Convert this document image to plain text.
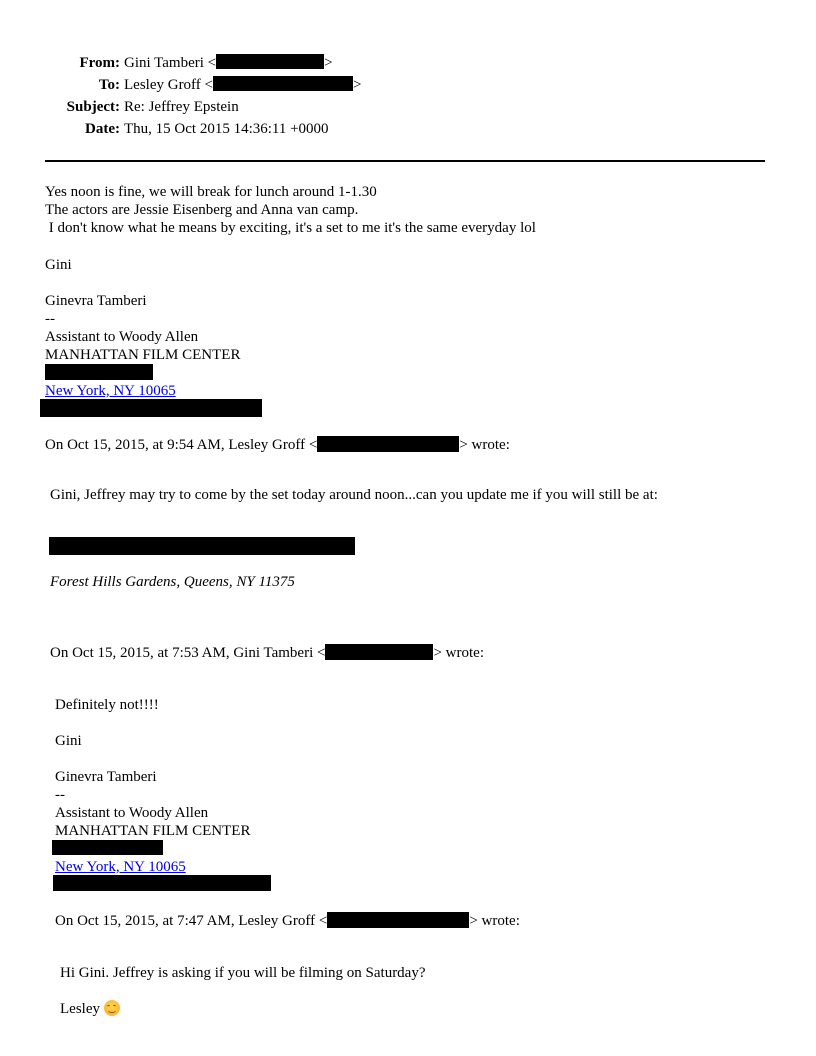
From: Gini Tamberi <	>
To: Lesley Groff <	>
Subject: Re: Jeffrey Epstein
Date: Thu, 15 Oct 2015 14:36:11 +0000
Yes noon is fine, we will break for lunch around 1-1.30
The actors are Jessie Eisenberg and Anna van camp.
I don't know what he means by exciting, it's a set to me it's the same everyday lol
Gini
Ginevra Tamberi
--
Assistant to Woody Allen
MANHATTAN FILM CENTER
New York, NY 10065
On Oct 15, 2015, at 9:54 AM, Lesley Groff <	> wrote:
Gini, Jeffrey may try to come by the set today around noon...can you update me if you will still be at:
Forest Hills Gardens, Queens, NY 11375
On Oct 15, 2015, at 7:53 AM, Gini Tamberi <	> wrote:
Definitely not!!!!
Gini
Ginevra Tamberi
--
Assistant to Woody Allen
MANHATTAN FILM CENTER
New York, NY 10065
On Oct 15, 2015, at 7:47 AM, Lesley Groff <	> wrote:
Hi Gini. Jeffrey is asking if you will be filming on Saturday?
Lesley
